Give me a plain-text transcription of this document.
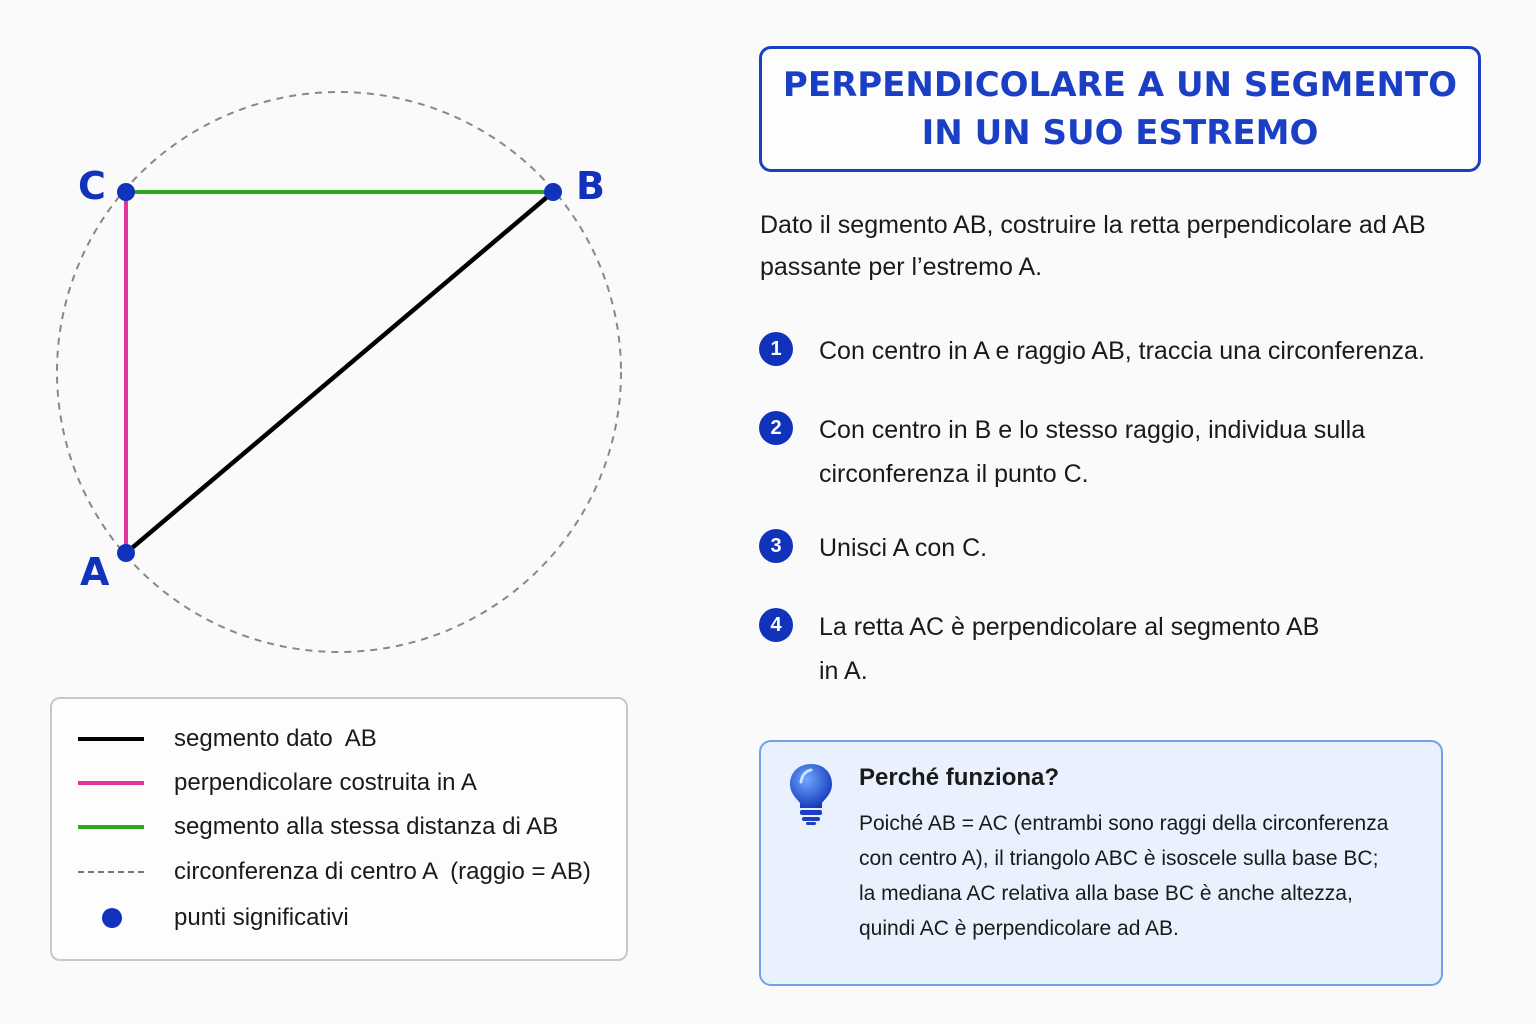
C	B
A
segmento dato  AB
perpendicolare costruita in A
segmento alla stessa distanza di AB
circonferenza di centro A  (raggio = AB)
punti significativi
PERPENDICOLARE A UN SEGMENTO
IN UN SUO ESTREMO
Dato il segmento AB, costruire la retta perpendicolare ad AB
passante per l’estremo A.
1	Con centro in A e raggio AB, traccia una circonferenza.
2	Con centro in B e lo stesso raggio, individua sulla
circonferenza il punto C.
3	Unisci A con C.
4	La retta AC è perpendicolare al segmento AB
in A.
Perché funziona?
Poiché AB = AC (entrambi sono raggi della circonferenza
con centro A), il triangolo ABC è isoscele sulla base BC;
la mediana AC relativa alla base BC è anche altezza,
quindi AC è perpendicolare ad AB.
